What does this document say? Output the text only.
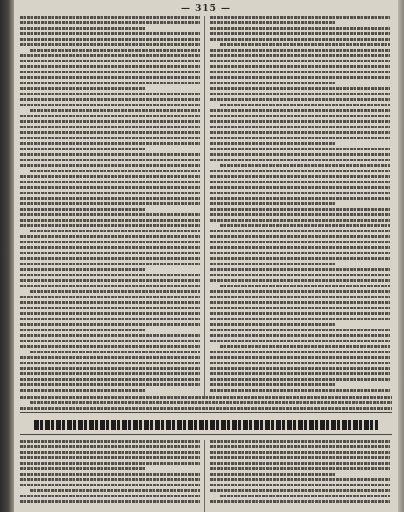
— 315 —
